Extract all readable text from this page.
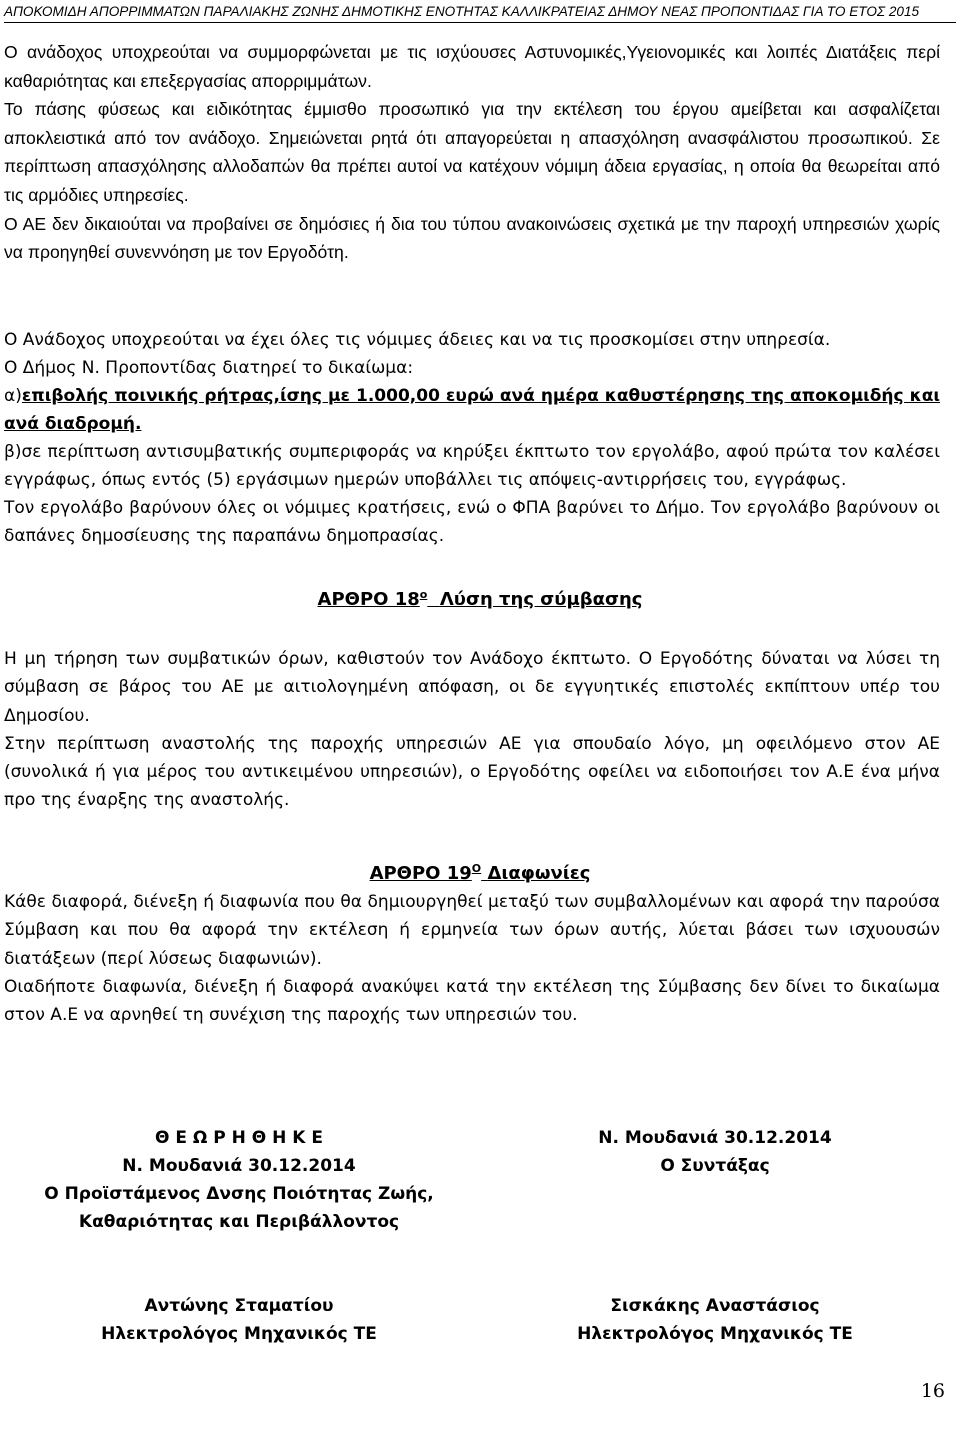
ΑΠΟΚΟΜΙΔΗ ΑΠΟΡΡΙΜΜΑΤΩΝ ΠΑΡΑΛΙΑΚΗΣ ΖΩΝΗΣ ΔΗΜΟΤΙΚΗΣ ΕΝΟΤΗΤΑΣ ΚΑΛΛΙΚΡΑΤΕΙΑΣ ΔΗΜΟΥ ΝΕΑΣ ΠΡΟΠΟΝΤΙΔΑΣ ΓΙΑ ΤΟ ΕΤΟΣ 2015

Ο ανάδοχος υποχρεούται να συμμορφώνεται με τις ισχύουσες Αστυνομικές,Υγειονομικές και λοιπές Διατάξεις περί καθαριότητας και επεξεργασίας απορριμμάτων.

Το πάσης φύσεως και ειδικότητας έμμισθο προσωπικό για την εκτέλεση του έργου αμείβεται και ασφαλίζεται αποκλειστικά από τον ανάδοχο. Σημειώνεται ρητά ότι απαγορεύεται η απασχόληση ανασφάλιστου προσωπικού. Σε περίπτωση απασχόλησης αλλοδαπών θα πρέπει αυτοί να κατέχουν νόμιμη άδεια εργασίας, η οποία θα θεωρείται από τις αρμόδιες υπηρεσίες.

Ο ΑΕ δεν δικαιούται να προβαίνει σε δημόσιες ή δια του τύπου ανακοινώσεις σχετικά με την παροχή υπηρεσιών χωρίς να προηγηθεί συνεννόηση με τον Εργοδότη.

Ο Ανάδοχος υποχρεούται να έχει όλες τις νόμιμες άδειες και να τις προσκομίσει στην υπηρεσία.

Ο Δήμος Ν. Προποντίδας διατηρεί το δικαίωμα:

α)επιβολής ποινικής ρήτρας,ίσης με 1.000,00 ευρώ ανά ημέρα καθυστέρησης της αποκομιδής και ανά διαδρομή.

β)σε περίπτωση αντισυμβατικής συμπεριφοράς να κηρύξει έκπτωτο τον εργολάβο, αφού πρώτα τον καλέσει εγγράφως, όπως εντός (5) εργάσιμων ημερών υποβάλλει τις απόψεις-αντιρρήσεις του, εγγράφως.

Τον εργολάβο βαρύνουν όλες οι νόμιμες κρατήσεις, ενώ ο ΦΠΑ βαρύνει το Δήμο. Τον εργολάβο βαρύνουν οι δαπάνες δημοσίευσης της παραπάνω δημοπρασίας.

ΑΡΘΡΟ $18^o$ Λύση της σύμβασης

Η μη τήρηση των συμβατικών όρων, καθιστούν τον Ανάδοχο έκπτωτο. Ο Εργοδότης δύναται να λύσει τη σύμβαση σε βάρος του ΑΕ με αιτιολογημένη απόφαση, οι δε εγγυητικές επιστολές εκπίπτουν υπέρ του Δημοσίου.

Στην περίπτωση αναστολής της παροχής υπηρεσιών ΑΕ για σπουδαίο λόγο, μη οφειλόμενο στον ΑΕ (συνολικά ή για μέρος του αντικειμένου υπηρεσιών), ο Εργοδότης οφείλει να ειδοποιήσει τον Α.Ε ένα μήνα προ της έναρξης της αναστολής.

ΑΡΘΡΟ $19^O$ Διαφωνίες

Κάθε διαφορά, διένεξη ή διαφωνία που θα δημιουργηθεί μεταξύ των συμβαλλομένων και αφορά την παρούσα Σύμβαση και που θα αφορά την εκτέλεση ή ερμηνεία των όρων αυτής, λύεται βάσει των ισχυουσών διατάξεων (περί λύσεως διαφωνιών).

Οιαδήποτε διαφωνία, διένεξη ή διαφορά ανακύψει κατά την εκτέλεση της Σύμβασης δεν δίνει το δικαίωμα στον Α.Ε να αρνηθεί τη συνέχιση της παροχής των υπηρεσιών του.

Θ Ε Ω Ρ Η Θ Η Κ Ε
Ν. Μουδανιά 30.12.2014
Ο Προϊστάμενος Δνσης Ποιότητας Ζωής,
Καθαριότητας και Περιβάλλοντος
Αντώνης Σταματίου
Ηλεκτρολόγος Μηχανικός ΤΕ
Ν. Μουδανιά 30.12.2014
Ο Συντάξας
Σισκάκης Αναστάσιος
Ηλεκτρολόγος Μηχανικός ΤΕ
16
